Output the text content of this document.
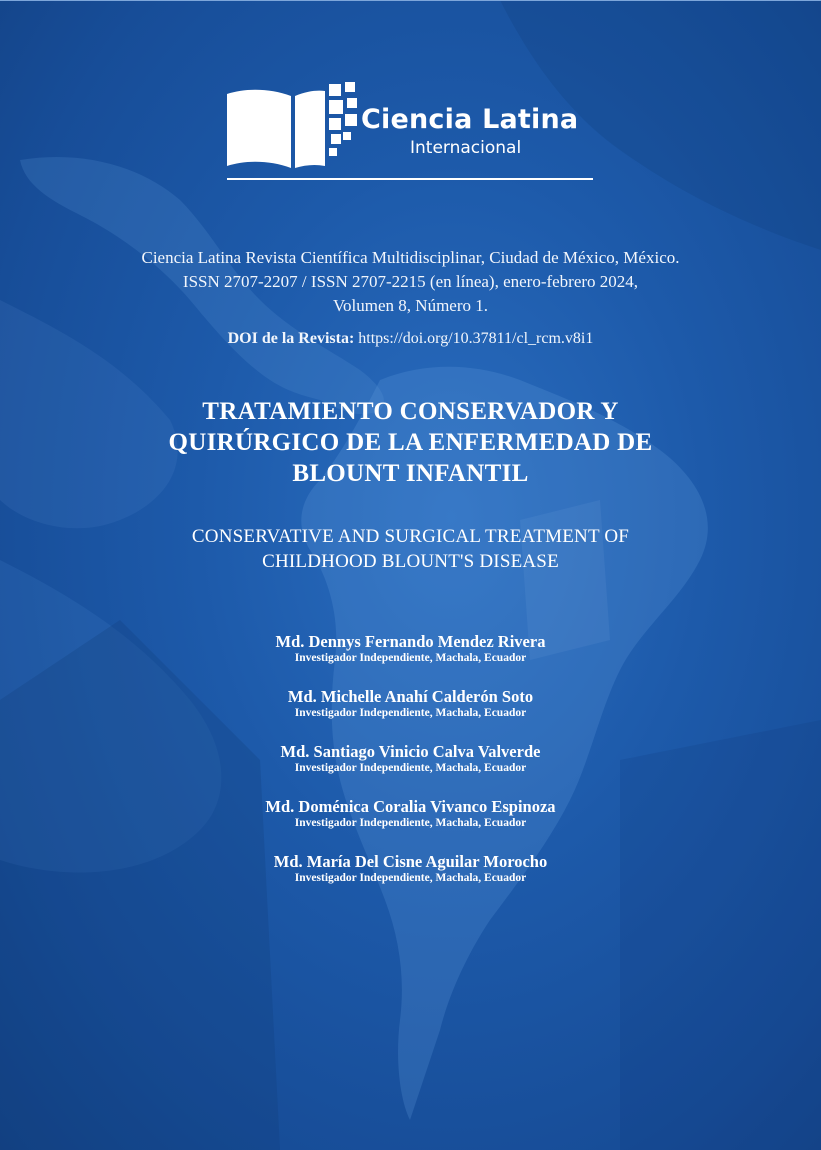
Ciencia Latina
Internacional
Ciencia Latina Revista Científica Multidisciplinar, Ciudad de México, México.
ISSN 2707-2207 / ISSN 2707-2215 (en línea), enero-febrero 2024,
Volumen 8, Número 1.
DOI de la Revista: https://doi.org/10.37811/cl_rcm.v8i1
TRATAMIENTO CONSERVADOR Y
QUIRÚRGICO DE LA ENFERMEDAD DE
BLOUNT INFANTIL
CONSERVATIVE AND SURGICAL TREATMENT OF
CHILDHOOD BLOUNT'S DISEASE
Md. Dennys Fernando Mendez Rivera
Investigador Independiente, Machala, Ecuador
Md. Michelle Anahí Calderón Soto
Investigador Independiente, Machala, Ecuador
Md. Santiago Vinicio Calva Valverde
Investigador Independiente, Machala, Ecuador
Md. Doménica Coralia Vivanco Espinoza
Investigador Independiente, Machala, Ecuador
Md. María Del Cisne Aguilar Morocho
Investigador Independiente, Machala, Ecuador
